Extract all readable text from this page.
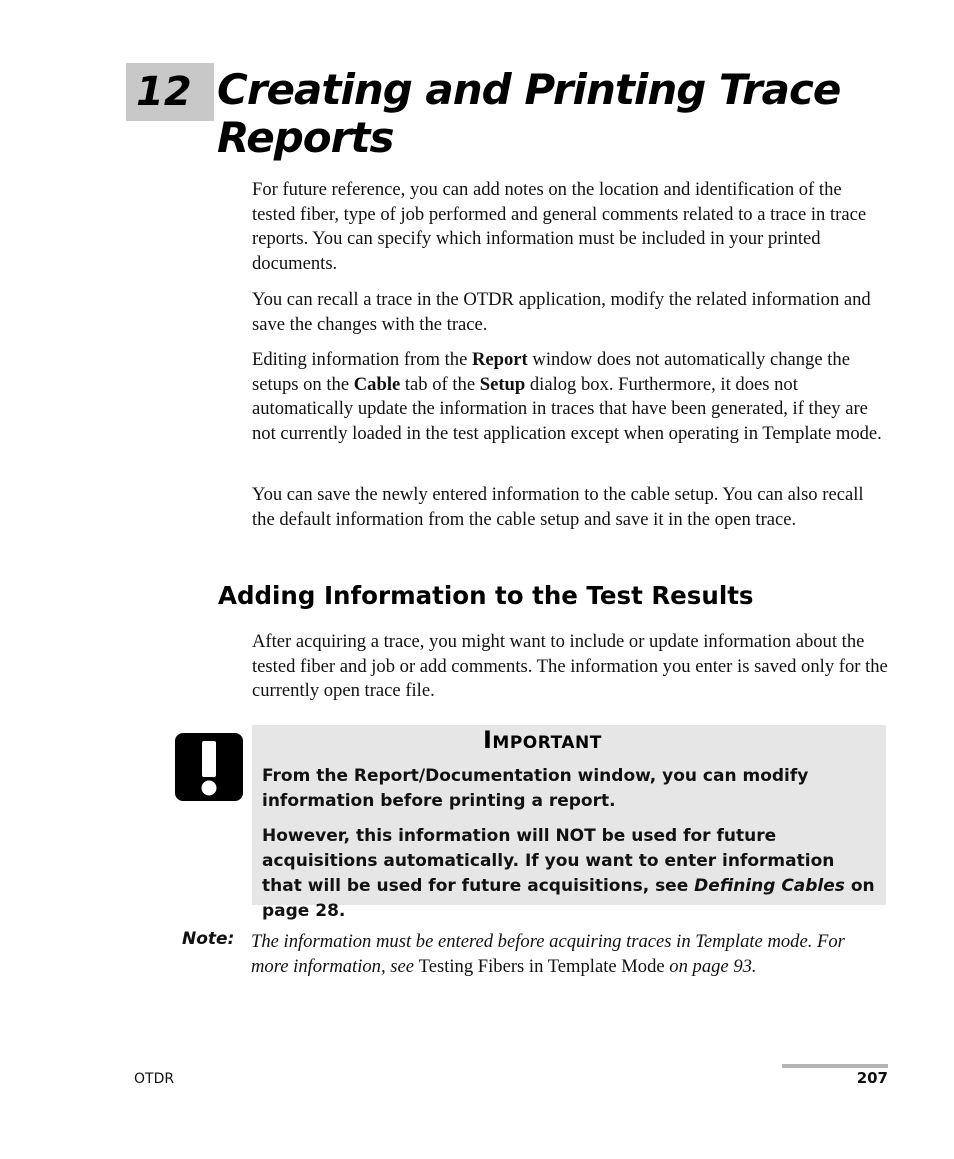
12 Creating and Printing Trace Reports

For future reference, you can add notes on the location and identification of the tested fiber, type of job performed and general comments related to a trace in trace reports. You can specify which information must be included in your printed documents.

You can recall a trace in the OTDR application, modify the related information and save the changes with the trace.

Editing information from the Report window does not automatically change the setups on the Cable tab of the Setup dialog box. Furthermore, it does not automatically update the information in traces that have been generated, if they are not currently loaded in the test application except when operating in Template mode.

You can save the newly entered information to the cable setup. You can also recall the default information from the cable setup and save it in the open trace.

Adding Information to the Test Results

After acquiring a trace, you might want to include or update information about the tested fiber and job or add comments. The information you enter is saved only for the currently open trace file.

Important

From the Report/Documentation window, you can modify information before printing a report.

However, this information will NOT be used for future acquisitions automatically. If you want to enter information that will be used for future acquisitions, see Defining Cables on page 28.

Note: The information must be entered before acquiring traces in Template mode. For more information, see Testing Fibers in Template Mode on page 93.

OTDR	207
